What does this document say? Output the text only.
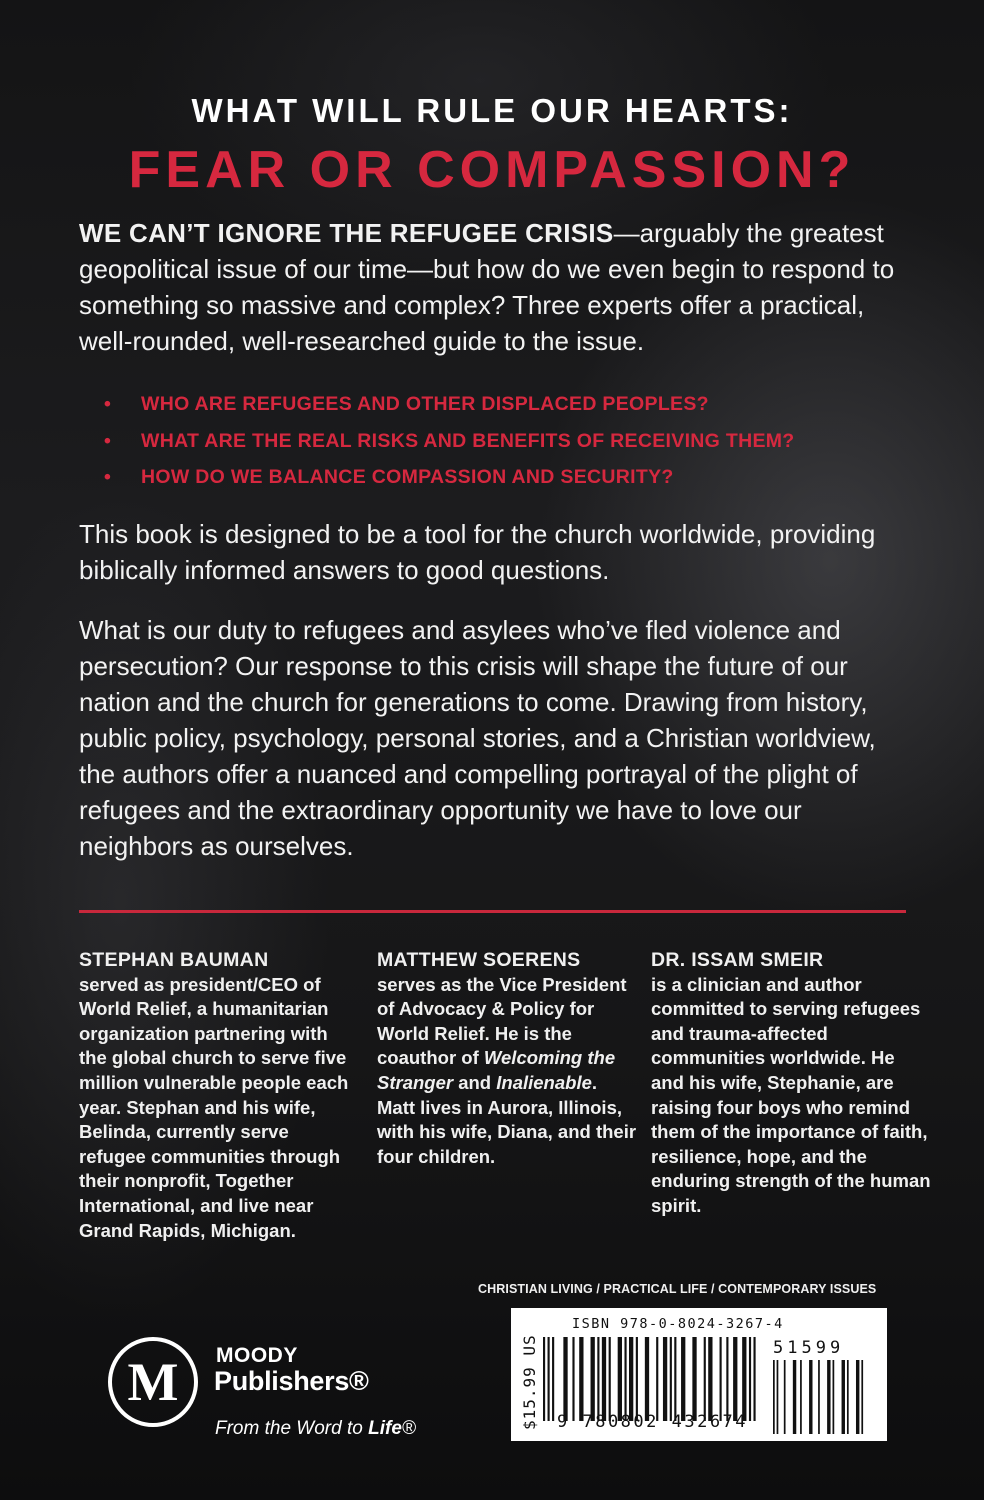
WHAT WILL RULE OUR HEARTS:
FEAR OR COMPASSION?
WE CAN’T IGNORE THE REFUGEE CRISIS—arguably the greatest geopolitical issue of our time—but how do we even begin to respond to something so massive and complex? Three experts offer a practical, well-rounded, well-researched guide to the issue.
• WHO ARE REFUGEES AND OTHER DISPLACED PEOPLES?
• WHAT ARE THE REAL RISKS AND BENEFITS OF RECEIVING THEM?
• HOW DO WE BALANCE COMPASSION AND SECURITY?
This book is designed to be a tool for the church worldwide, providing biblically informed answers to good questions.
What is our duty to refugees and asylees who’ve fled violence and persecution? Our response to this crisis will shape the future of our nation and the church for generations to come. Drawing from history, public policy, psychology, personal stories, and a Christian worldview, the authors offer a nuanced and compelling portrayal of the plight of refugees and the extraordinary opportunity we have to love our neighbors as ourselves.
STEPHAN BAUMAN
served as president/CEO of World Relief, a humanitarian organization partnering with the global church to serve five million vulnerable people each year. Stephan and his wife, Belinda, currently serve refugee communities through their nonprofit, Together International, and live near Grand Rapids, Michigan.
MATTHEW SOERENS
serves as the Vice President of Advocacy & Policy for World Relief. He is the coauthor of Welcoming the Stranger and Inalienable. Matt lives in Aurora, Illinois, with his wife, Diana, and their four children.
DR. ISSAM SMEIR
is a clinician and author committed to serving refugees and trauma-affected communities worldwide. He and his wife, Stephanie, are raising four boys who remind them of the importance of faith, resilience, hope, and the enduring strength of the human spirit.
CHRISTIAN LIVING / PRACTICAL LIFE / CONTEMPORARY ISSUES
M MOODY
Publishers®
From the Word to Life®	$15.99 US
ISBN 978-0-8024-3267-4
9 780802 432674
51599
